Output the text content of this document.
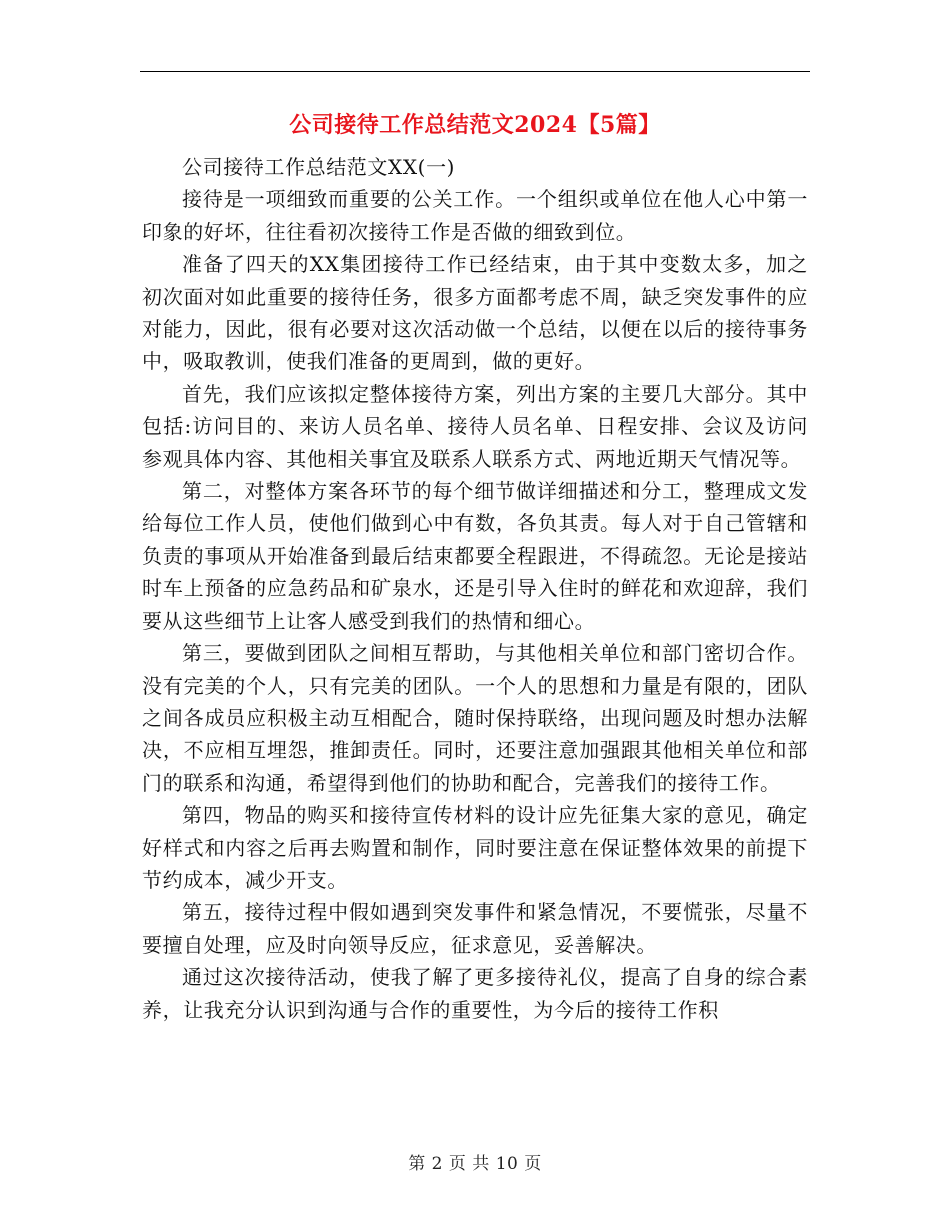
公司接待工作总结范文2024【5篇】

公司接待工作总结范文XX(一)

接待是一项细致而重要的公关工作。一个组织或单位在他人心中第一印象的好坏，往往看初次接待工作是否做的细致到位。

准备了四天的XX集团接待工作已经结束，由于其中变数太多，加之初次面对如此重要的接待任务，很多方面都考虑不周，缺乏突发事件的应对能力，因此，很有必要对这次活动做一个总结，以便在以后的接待事务中，吸取教训，使我们准备的更周到，做的更好。

首先，我们应该拟定整体接待方案，列出方案的主要几大部分。其中包括:访问目的、来访人员名单、接待人员名单、日程安排、会议及访问参观具体内容、其他相关事宜及联系人联系方式、两地近期天气情况等。

第二，对整体方案各环节的每个细节做详细描述和分工，整理成文发给每位工作人员，使他们做到心中有数，各负其责。每人对于自己管辖和负责的事项从开始准备到最后结束都要全程跟进，不得疏忽。无论是接站时车上预备的应急药品和矿泉水，还是引导入住时的鲜花和欢迎辞，我们要从这些细节上让客人感受到我们的热情和细心。

第三，要做到团队之间相互帮助，与其他相关单位和部门密切合作。没有完美的个人，只有完美的团队。一个人的思想和力量是有限的，团队之间各成员应积极主动互相配合，随时保持联络，出现问题及时想办法解决，不应相互埋怨，推卸责任。同时，还要注意加强跟其他相关单位和部门的联系和沟通，希望得到他们的协助和配合，完善我们的接待工作。

第四，物品的购买和接待宣传材料的设计应先征集大家的意见，确定好样式和内容之后再去购置和制作，同时要注意在保证整体效果的前提下节约成本，减少开支。

第五，接待过程中假如遇到突发事件和紧急情况，不要慌张，尽量不要擅自处理，应及时向领导反应，征求意见，妥善解决。

通过这次接待活动，使我了解了更多接待礼仪，提高了自身的综合素养，让我充分认识到沟通与合作的重要性，为今后的接待工作积

第 2 页 共 10 页
